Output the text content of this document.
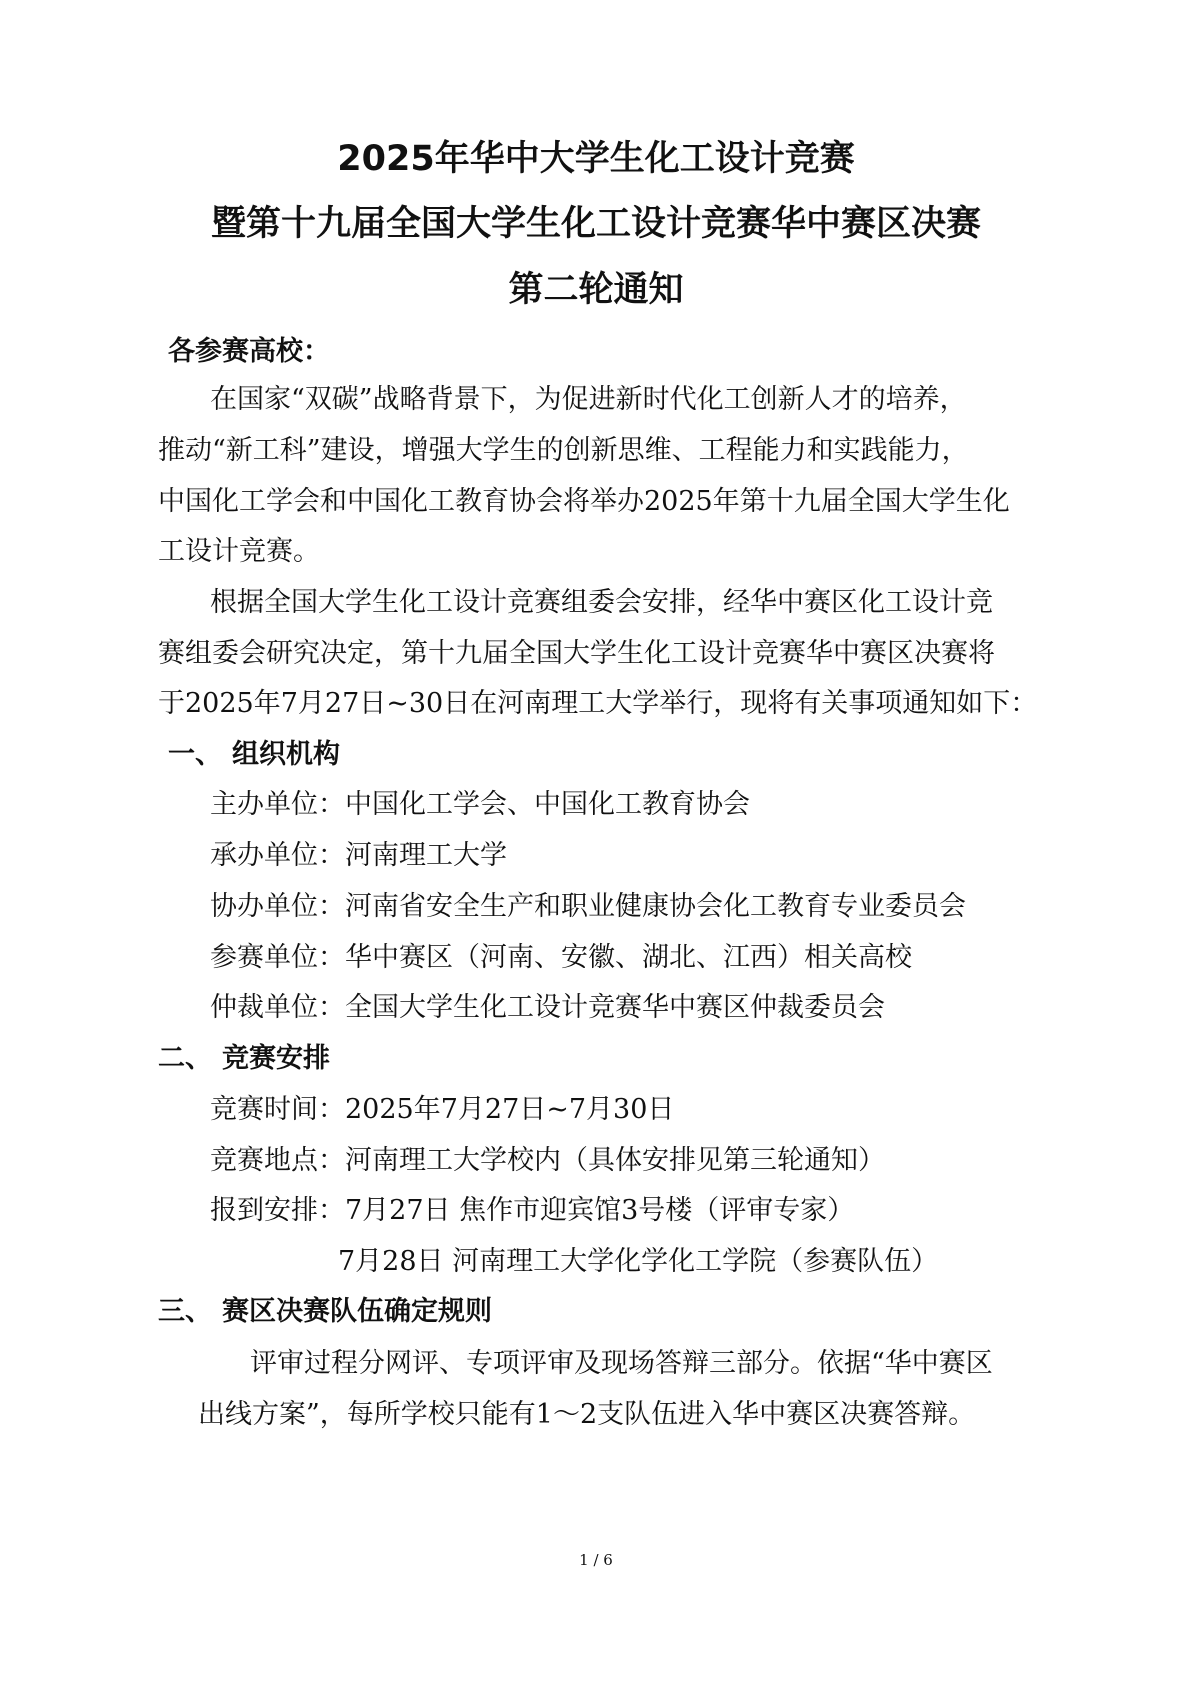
2025年华中大学生化工设计竞赛
暨第十九届全国大学生化工设计竞赛华中赛区决赛
第二轮通知
各参赛高校：
在国家“双碳”战略背景下，为促进新时代化工创新人才的培养，
推动“新工科”建设，增强大学生的创新思维、工程能力和实践能力，
中国化工学会和中国化工教育协会将举办2025年第十九届全国大学生化
工设计竞赛。
根据全国大学生化工设计竞赛组委会安排，经华中赛区化工设计竞
赛组委会研究决定，第十九届全国大学生化工设计竞赛华中赛区决赛将
于2025年7月27日~30日在河南理工大学举行，现将有关事项通知如下：
一、 组织机构
主办单位：中国化工学会、中国化工教育协会
承办单位：河南理工大学
协办单位：河南省安全生产和职业健康协会化工教育专业委员会
参赛单位：华中赛区（河南、安徽、湖北、江西）相关高校
仲裁单位：全国大学生化工设计竞赛华中赛区仲裁委员会
二、 竞赛安排
竞赛时间：2025年7月27日~7月30日
竞赛地点：河南理工大学校内（具体安排见第三轮通知）
报到安排：7月27日 焦作市迎宾馆3号楼（评审专家）
7月28日 河南理工大学化学化工学院（参赛队伍）
三、 赛区决赛队伍确定规则
评审过程分网评、专项评审及现场答辩三部分。依据“华中赛区
出线方案”，每所学校只能有1～2支队伍进入华中赛区决赛答辩。
1 / 6
